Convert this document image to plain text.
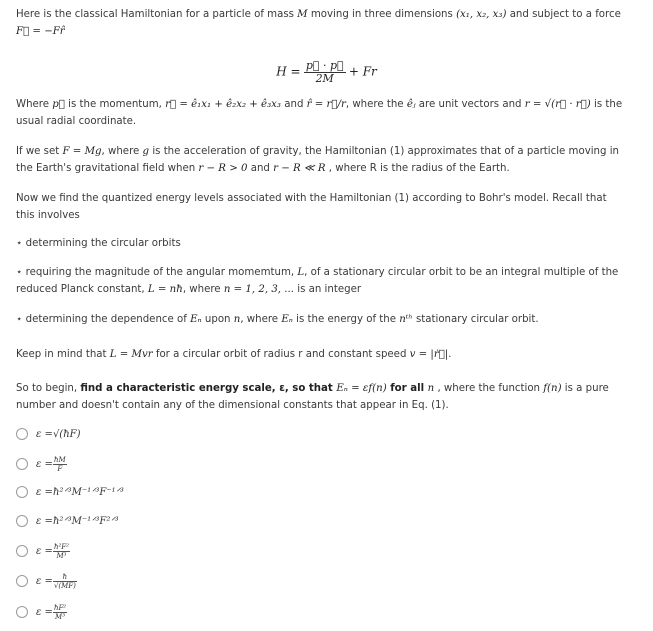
Here is the classical Hamiltonian for a particle of mass M moving in three dimensions (x₁, x₂, x₃) and subject to a force
F⃗ = −Fr̂

$H = \frac{p⃗ \cdot p⃗}{2M} + Fr$

Where p⃗ is the momentum, r⃗ = ê₁x₁ + ê₂x₂ + ê₃x₃ and r̂ = r⃗/r, where the êⱼ are unit vectors and r = √(r⃗ · r⃗) is the usual radial coordinate.

If we set F = Mg, where g is the acceleration of gravity, the Hamiltonian (1) approximates that of a particle moving in the Earth's gravitational field when r − R > 0 and r − R ≪ R , where R is the radius of the Earth.

Now we find the quantized energy levels associated with the Hamiltonian (1) according to Bohr's model. Recall that this involves

⋆ determining the circular orbits

⋆ requiring the magnitude of the angular momemtum, L, of a stationary circular orbit to be an integral multiple of the reduced Planck constant, L = nħ, where n = 1, 2, 3, ... is an integer

⋆ determining the dependence of Eₙ upon n, where Eₙ is the energy of the nᵗʰ stationary circular orbit.

Keep in mind that L = Mvr for a circular orbit of radius r and constant speed v = |ṙ⃗|.

So to begin, find a characteristic energy scale, ε, so that Eₙ = εf(n) for all n , where the function f(n) is a pure number and doesn't contain any of the dimensional constants that appear in Eq. (1).

ε = √(ħF)
$\varepsilon = \frac{ħM}{F}$
ε = ħ²ᐟ³M⁻¹ᐟ³F⁻¹ᐟ³
ε = ħ²ᐟ³M⁻¹ᐟ³F²ᐟ³
$\varepsilon = \frac{\text{ħ²F²}}{\text{M³}}$
$\varepsilon = \frac{ħ}{√(MF)}$
$\varepsilon = \frac{\text{ħF²}}{\text{M³}}$
